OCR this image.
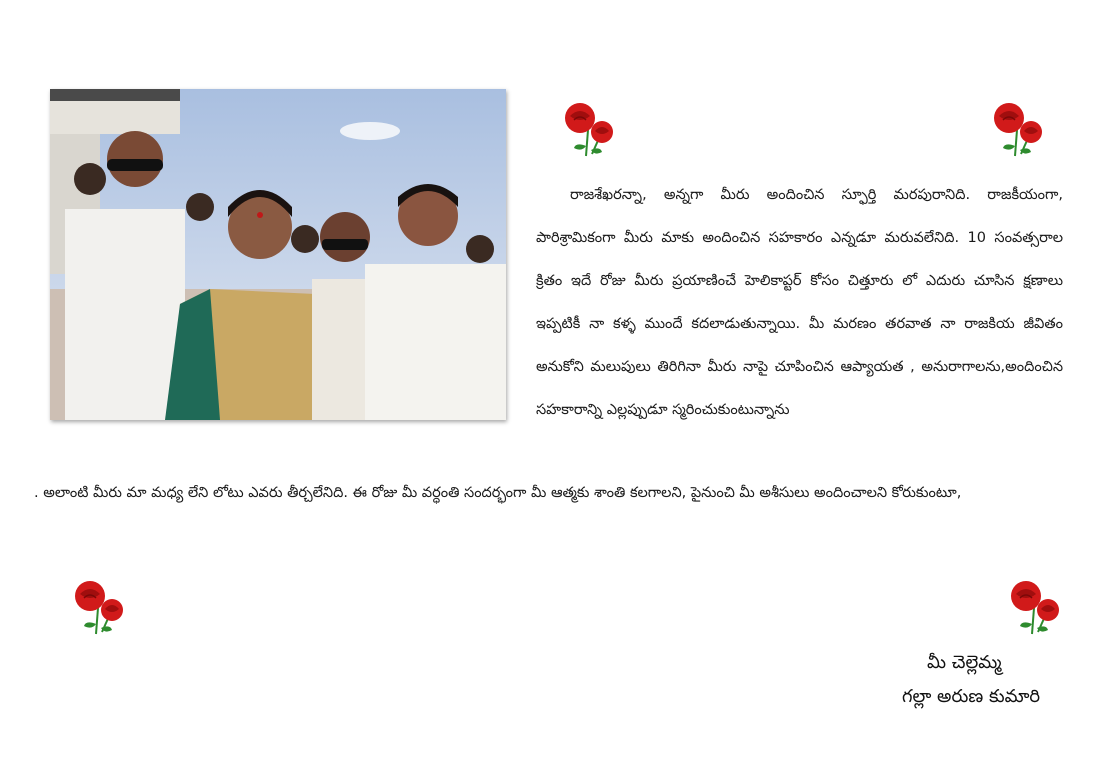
రాజశేఖరన్నా, అన్నగా మీరు అందించిన స్ఫూర్తి మరపురానిది. రాజకీయంగా, పారిశ్రామికంగా మీరు మాకు అందించిన సహకారం ఎన్నడూ మరువలేనిది. 10 సంవత్సరాల క్రితం ఇదే రోజు మీరు ప్రయాణించే హెలికాప్టర్ కోసం చిత్తూరు లో ఎదురు చూసిన క్షణాలు ఇప్పటికీ నా కళ్ళ ముందే కదలాడుతున్నాయి. మీ మరణం తరవాత నా రాజకియ జీవితం అనుకోని మలుపులు తిరిగినా మీరు నాపై చూపించిన ఆప్యాయత , అనురాగాలను,అందించిన సహకారాన్ని ఎల్లప్పుడూ స్మరించుకుంటున్నాను
. అలాంటి మీరు మా మధ్య లేని లోటు ఎవరు తీర్చలేనిది. ఈ రోజు మీ వర్ధంతి సందర్భంగా మీ ఆత్మకు శాంతి కలగాలని, పైనుంచి మీ అశీసులు అందించాలని కోరుకుంటూ,
మీ చెల్లెమ్మ
గల్లా అరుణ కుమారి
